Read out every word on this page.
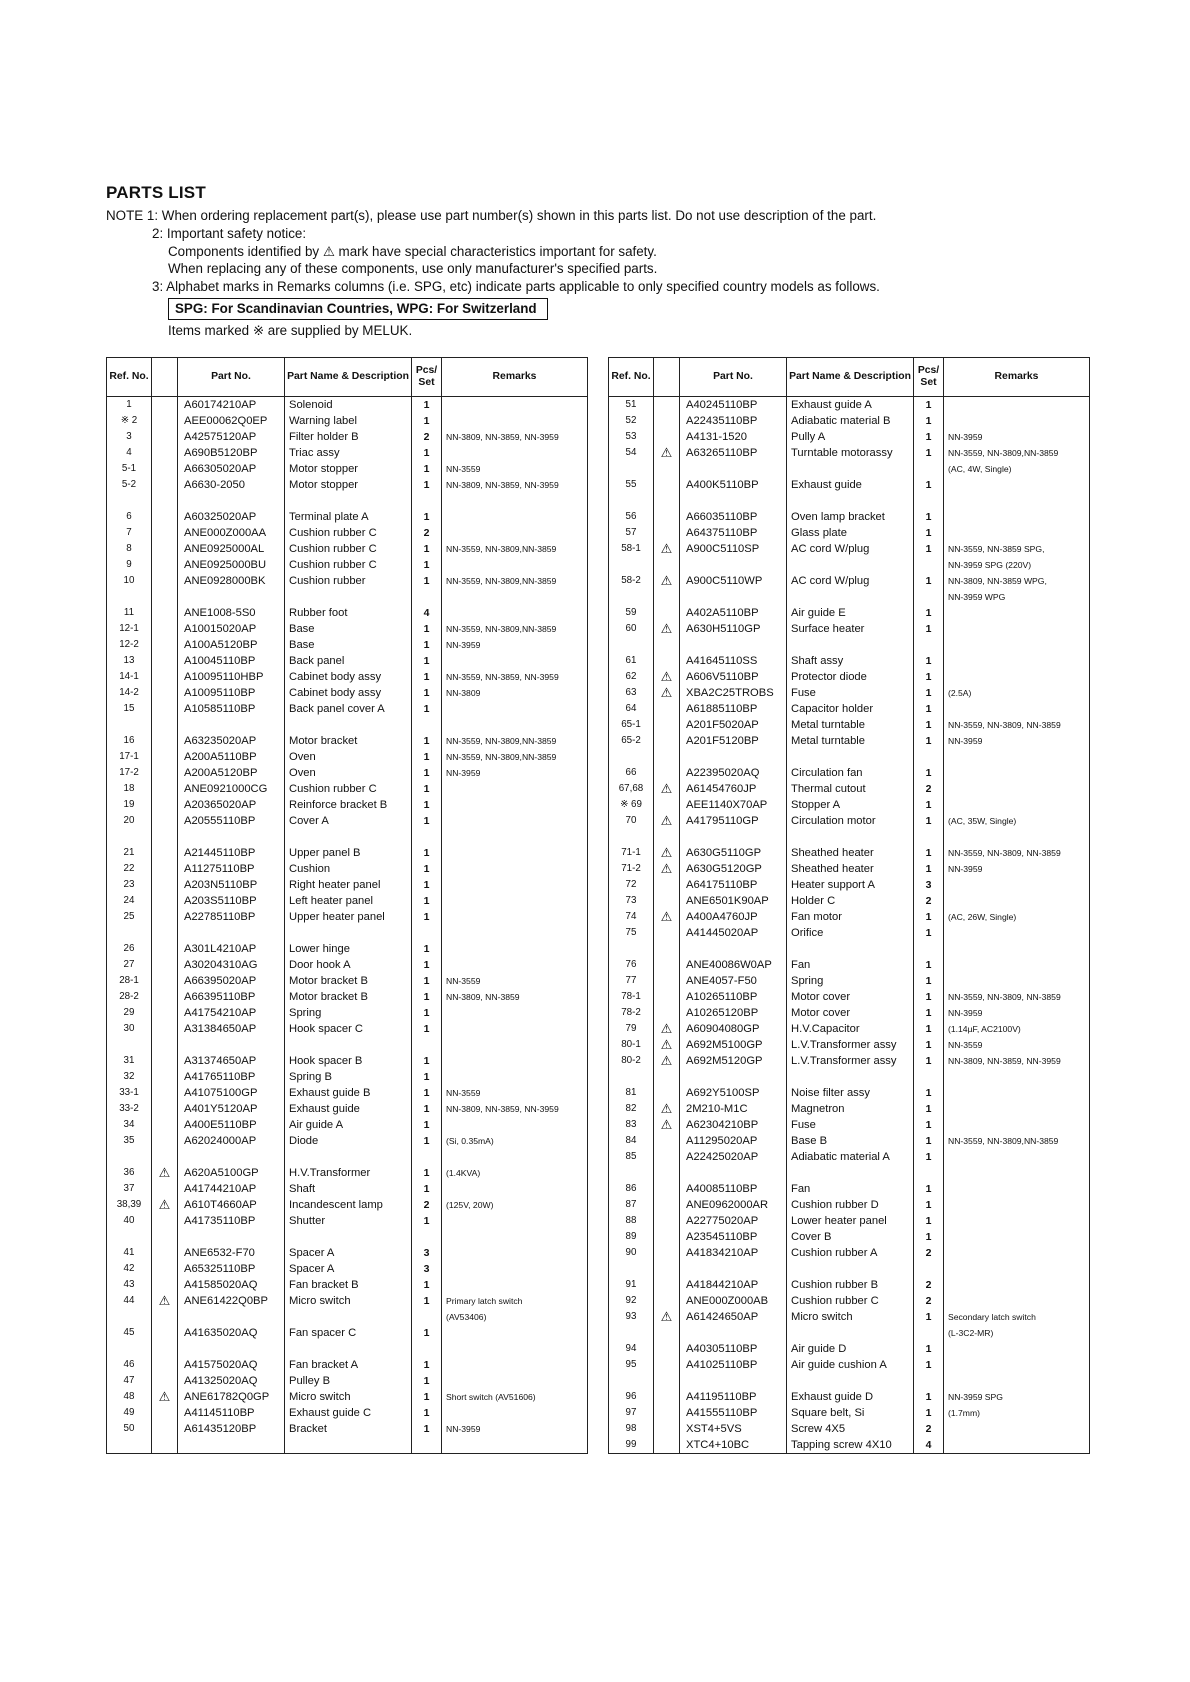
PARTS LIST
NOTE 1: When ordering replacement part(s), please use part number(s) shown in this parts list. Do not use description of the part.
2: Important safety notice:
Components identified by ⚠ mark have special characteristics important for safety.
When replacing any of these components, use only manufacturer's specified parts.
3: Alphabet marks in Remarks columns (i.e. SPG, etc) indicate parts applicable to only specified country models as follows.
SPG: For Scandinavian Countries, WPG: For Switzerland
Items marked ※ are supplied by MELUK.
Ref. No.		Part No.	Part Name & Description	Pcs/ Set	Remarks
1		A60174210AP	Solenoid	1	
※ 2		AEE00062Q0EP	Warning label	1	
3		A42575120AP	Filter holder B	2	NN-3809, NN-3859, NN-3959
4		A690B5120BP	Triac assy	1	
5-1		A66305020AP	Motor stopper	1	NN-3559
5-2		A6630-2050	Motor stopper	1	NN-3809, NN-3859, NN-3959

6		A60325020AP	Terminal plate A	1	
7		ANE000Z000AA	Cushion rubber C	2	
8		ANE0925000AL	Cushion rubber C	1	NN-3559, NN-3809,NN-3859
9		ANE0925000BU	Cushion rubber C	1	
10		ANE0928000BK	Cushion rubber	1	NN-3559, NN-3809,NN-3859

11		ANE1008-5S0	Rubber foot	4	
12-1		A10015020AP	Base	1	NN-3559, NN-3809,NN-3859
12-2		A100A5120BP	Base	1	NN-3959
13		A10045110BP	Back panel	1	
14-1		A10095110HBP	Cabinet body assy	1	NN-3559, NN-3859, NN-3959
14-2		A10095110BP	Cabinet body assy	1	NN-3809
15		A10585110BP	Back panel cover A	1	

16		A63235020AP	Motor bracket	1	NN-3559, NN-3809,NN-3859
17-1		A200A5110BP	Oven	1	NN-3559, NN-3809,NN-3859
17-2		A200A5120BP	Oven	1	NN-3959
18		ANE0921000CG	Cushion rubber C	1	
19		A20365020AP	Reinforce bracket B	1	
20		A20555110BP	Cover A	1	

21		A21445110BP	Upper panel B	1	
22		A11275110BP	Cushion	1	
23		A203N5110BP	Right heater panel	1	
24		A203S5110BP	Left heater panel	1	
25		A22785110BP	Upper heater panel	1	

26		A301L4210AP	Lower hinge	1	
27		A30204310AG	Door hook A	1	
28-1		A66395020AP	Motor bracket B	1	NN-3559
28-2		A66395110BP	Motor bracket B	1	NN-3809, NN-3859
29		A41754210AP	Spring	1	
30		A31384650AP	Hook spacer C	1	

31		A31374650AP	Hook spacer B	1	
32		A41765110BP	Spring B	1	
33-1		A41075100GP	Exhaust guide B	1	NN-3559
33-2		A401Y5120AP	Exhaust guide	1	NN-3809, NN-3859, NN-3959
34		A400E5110BP	Air guide A	1	
35		A62024000AP	Diode	1	(Si, 0.35mA)

36	⚠	A620A5100GP	H.V.Transformer	1	(1.4KVA)
37		A41744210AP	Shaft	1	
38,39	⚠	A610T4660AP	Incandescent lamp	2	(125V, 20W)
40		A41735110BP	Shutter	1	

41		ANE6532-F70	Spacer A	3	
42		A65325110BP	Spacer A	3	
43		A41585020AQ	Fan bracket B	1	
44	⚠	ANE61422Q0BP	Micro switch	1	Primary latch switch
					(AV53406)
45		A41635020AQ	Fan spacer C	1	

46		A41575020AQ	Fan bracket A	1	
47		A41325020AQ	Pulley B	1	
48	⚠	ANE61782Q0GP	Micro switch	1	Short switch (AV51606)
49		A41145110BP	Exhaust guide C	1	
50		A61435120BP	Bracket	1	NN-3959

Ref. No.		Part No.	Part Name & Description	Pcs/ Set	Remarks
51		A40245110BP	Exhaust guide A	1	
52		A22435110BP	Adiabatic material B	1	
53		A4131-1520	Pully A	1	NN-3959
54	⚠	A63265110BP	Turntable motorassy	1	NN-3559, NN-3809,NN-3859
					(AC, 4W, Single)
55		A400K5110BP	Exhaust guide	1	

56		A66035110BP	Oven lamp bracket	1	
57		A64375110BP	Glass plate	1	
58-1	⚠	A900C5110SP	AC cord W/plug	1	NN-3559, NN-3859 SPG,
					NN-3959 SPG (220V)
58-2	⚠	A900C5110WP	AC cord W/plug	1	NN-3809, NN-3859 WPG,
					NN-3959 WPG
59		A402A5110BP	Air guide E	1	
60	⚠	A630H5110GP	Surface heater	1	

61		A41645110SS	Shaft assy	1	
62	⚠	A606V5110BP	Protector diode	1	
63	⚠	XBA2C25TROBS	Fuse	1	(2.5A)
64		A61885110BP	Capacitor holder	1	
65-1		A201F5020AP	Metal turntable	1	NN-3559, NN-3809, NN-3859
65-2		A201F5120BP	Metal turntable	1	NN-3959

66		A22395020AQ	Circulation fan	1	
67,68	⚠	A61454760JP	Thermal cutout	2	
※ 69		AEE1140X70AP	Stopper A	1	
70	⚠	A41795110GP	Circulation motor	1	(AC, 35W, Single)

71-1	⚠	A630G5110GP	Sheathed heater	1	NN-3559, NN-3809, NN-3859
71-2	⚠	A630G5120GP	Sheathed heater	1	NN-3959
72		A64175110BP	Heater support A	3	
73		ANE6501K90AP	Holder C	2	
74	⚠	A400A4760JP	Fan motor	1	(AC, 26W, Single)
75		A41445020AP	Orifice	1	

76		ANE40086W0AP	Fan	1	
77		ANE4057-F50	Spring	1	
78-1		A10265110BP	Motor cover	1	NN-3559, NN-3809, NN-3859
78-2		A10265120BP	Motor cover	1	NN-3959
79	⚠	A60904080GP	H.V.Capacitor	1	(1.14µF, AC2100V)
80-1	⚠	A692M5100GP	L.V.Transformer assy	1	NN-3559
80-2	⚠	A692M5120GP	L.V.Transformer assy	1	NN-3809, NN-3859, NN-3959

81		A692Y5100SP	Noise filter assy	1	
82	⚠	2M210-M1C	Magnetron	1	
83	⚠	A62304210BP	Fuse	1	
84		A11295020AP	Base B	1	NN-3559, NN-3809,NN-3859
85		A22425020AP	Adiabatic material A	1	

86		A40085110BP	Fan	1	
87		ANE0962000AR	Cushion rubber D	1	
88		A22775020AP	Lower heater panel	1	
89		A23545110BP	Cover B	1	
90		A41834210AP	Cushion rubber A	2	

91		A41844210AP	Cushion rubber B	2	
92		ANE000Z000AB	Cushion rubber C	2	
93	⚠	A61424650AP	Micro switch	1	Secondary latch switch
					(L-3C2-MR)
94		A40305110BP	Air guide D	1	
95		A41025110BP	Air guide cushion A	1	

96		A41195110BP	Exhaust guide D	1	NN-3959 SPG
97		A41555110BP	Square belt, Si	1	(1.7mm)
98		XST4+5VS	Screw 4X5	2	
99		XTC4+10BC	Tapping screw 4X10	4	
